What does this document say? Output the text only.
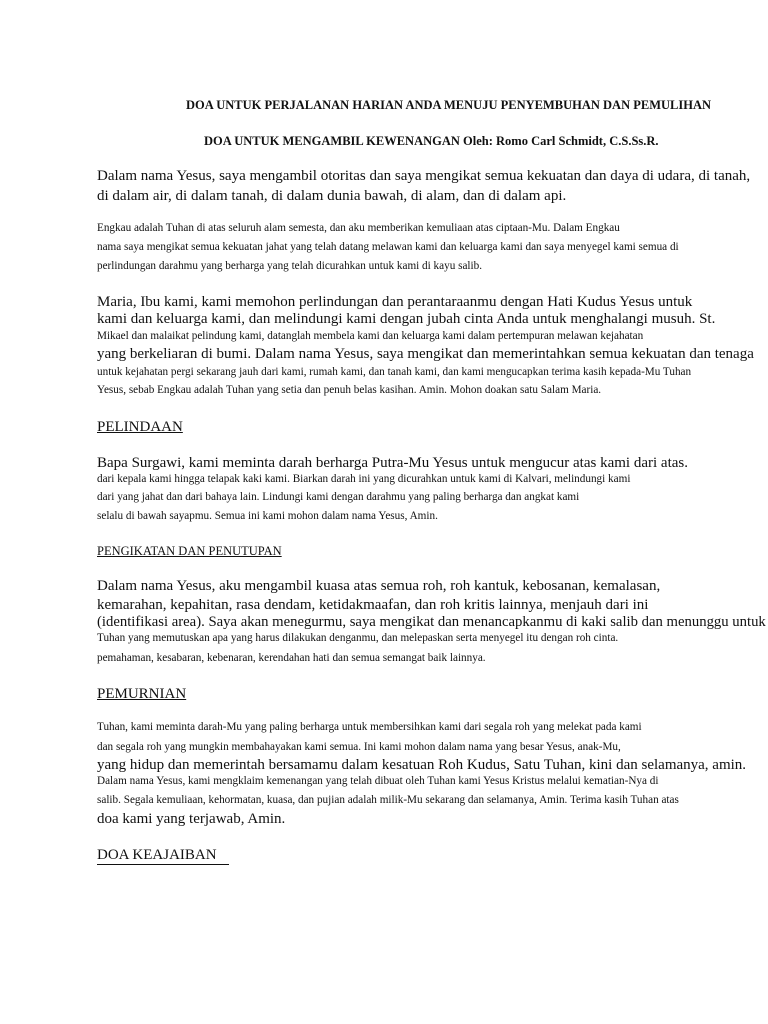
DOA UNTUK PERJALANAN HARIAN ANDA MENUJU PENYEMBUHAN DAN PEMULIHAN

DOA UNTUK MENGAMBIL KEWENANGAN Oleh: Romo Carl Schmidt, C.S.Ss.R.

Dalam nama Yesus, saya mengambil otoritas dan saya mengikat semua kekuatan dan daya di udara, di tanah,

di dalam air, di dalam tanah, di dalam dunia bawah, di alam, dan di dalam api.

Engkau adalah Tuhan di atas seluruh alam semesta, dan aku memberikan kemuliaan atas ciptaan-Mu. Dalam Engkau

nama saya mengikat semua kekuatan jahat yang telah datang melawan kami dan keluarga kami dan saya menyegel kami semua di

perlindungan darahmu yang berharga yang telah dicurahkan untuk kami di kayu salib.

Maria, Ibu kami, kami memohon perlindungan dan perantaraanmu dengan Hati Kudus Yesus untuk

kami dan keluarga kami, dan melindungi kami dengan jubah cinta Anda untuk menghalangi musuh. St.

Mikael dan malaikat pelindung kami, datanglah membela kami dan keluarga kami dalam pertempuran melawan kejahatan

yang berkeliaran di bumi. Dalam nama Yesus, saya mengikat dan memerintahkan semua kekuatan dan tenaga

untuk kejahatan pergi sekarang jauh dari kami, rumah kami, dan tanah kami, dan kami mengucapkan terima kasih kepada-Mu Tuhan

Yesus, sebab Engkau adalah Tuhan yang setia dan penuh belas kasihan. Amin. Mohon doakan satu Salam Maria.

PELINDAAN

Bapa Surgawi, kami meminta darah berharga Putra-Mu Yesus untuk mengucur atas kami dari atas.

dari kepala kami hingga telapak kaki kami. Biarkan darah ini yang dicurahkan untuk kami di Kalvari, melindungi kami

dari yang jahat dan dari bahaya lain. Lindungi kami dengan darahmu yang paling berharga dan angkat kami

selalu di bawah sayapmu. Semua ini kami mohon dalam nama Yesus, Amin.

PENGIKATAN DAN PENUTUPAN

Dalam nama Yesus, aku mengambil kuasa atas semua roh, roh kantuk, kebosanan, kemalasan,

kemarahan, kepahitan, rasa dendam, ketidakmaafan, dan roh kritis lainnya, menjauh dari ini

(identifikasi area). Saya akan menegurmu, saya mengikat dan menancapkanmu di kaki salib dan menunggu untuk

Tuhan yang memutuskan apa yang harus dilakukan denganmu, dan melepaskan serta menyegel itu dengan roh cinta.

pemahaman, kesabaran, kebenaran, kerendahan hati dan semua semangat baik lainnya.

PEMURNIAN

Tuhan, kami meminta darah-Mu yang paling berharga untuk membersihkan kami dari segala roh yang melekat pada kami

dan segala roh yang mungkin membahayakan kami semua. Ini kami mohon dalam nama yang besar Yesus, anak-Mu,

yang hidup dan memerintah bersamamu dalam kesatuan Roh Kudus, Satu Tuhan, kini dan selamanya, amin.

Dalam nama Yesus, kami mengklaim kemenangan yang telah dibuat oleh Tuhan kami Yesus Kristus melalui kematian-Nya di

salib. Segala kemuliaan, kehormatan, kuasa, dan pujian adalah milik-Mu sekarang dan selamanya, Amin. Terima kasih Tuhan atas

doa kami yang terjawab, Amin.

DOA KEAJAIBAN
